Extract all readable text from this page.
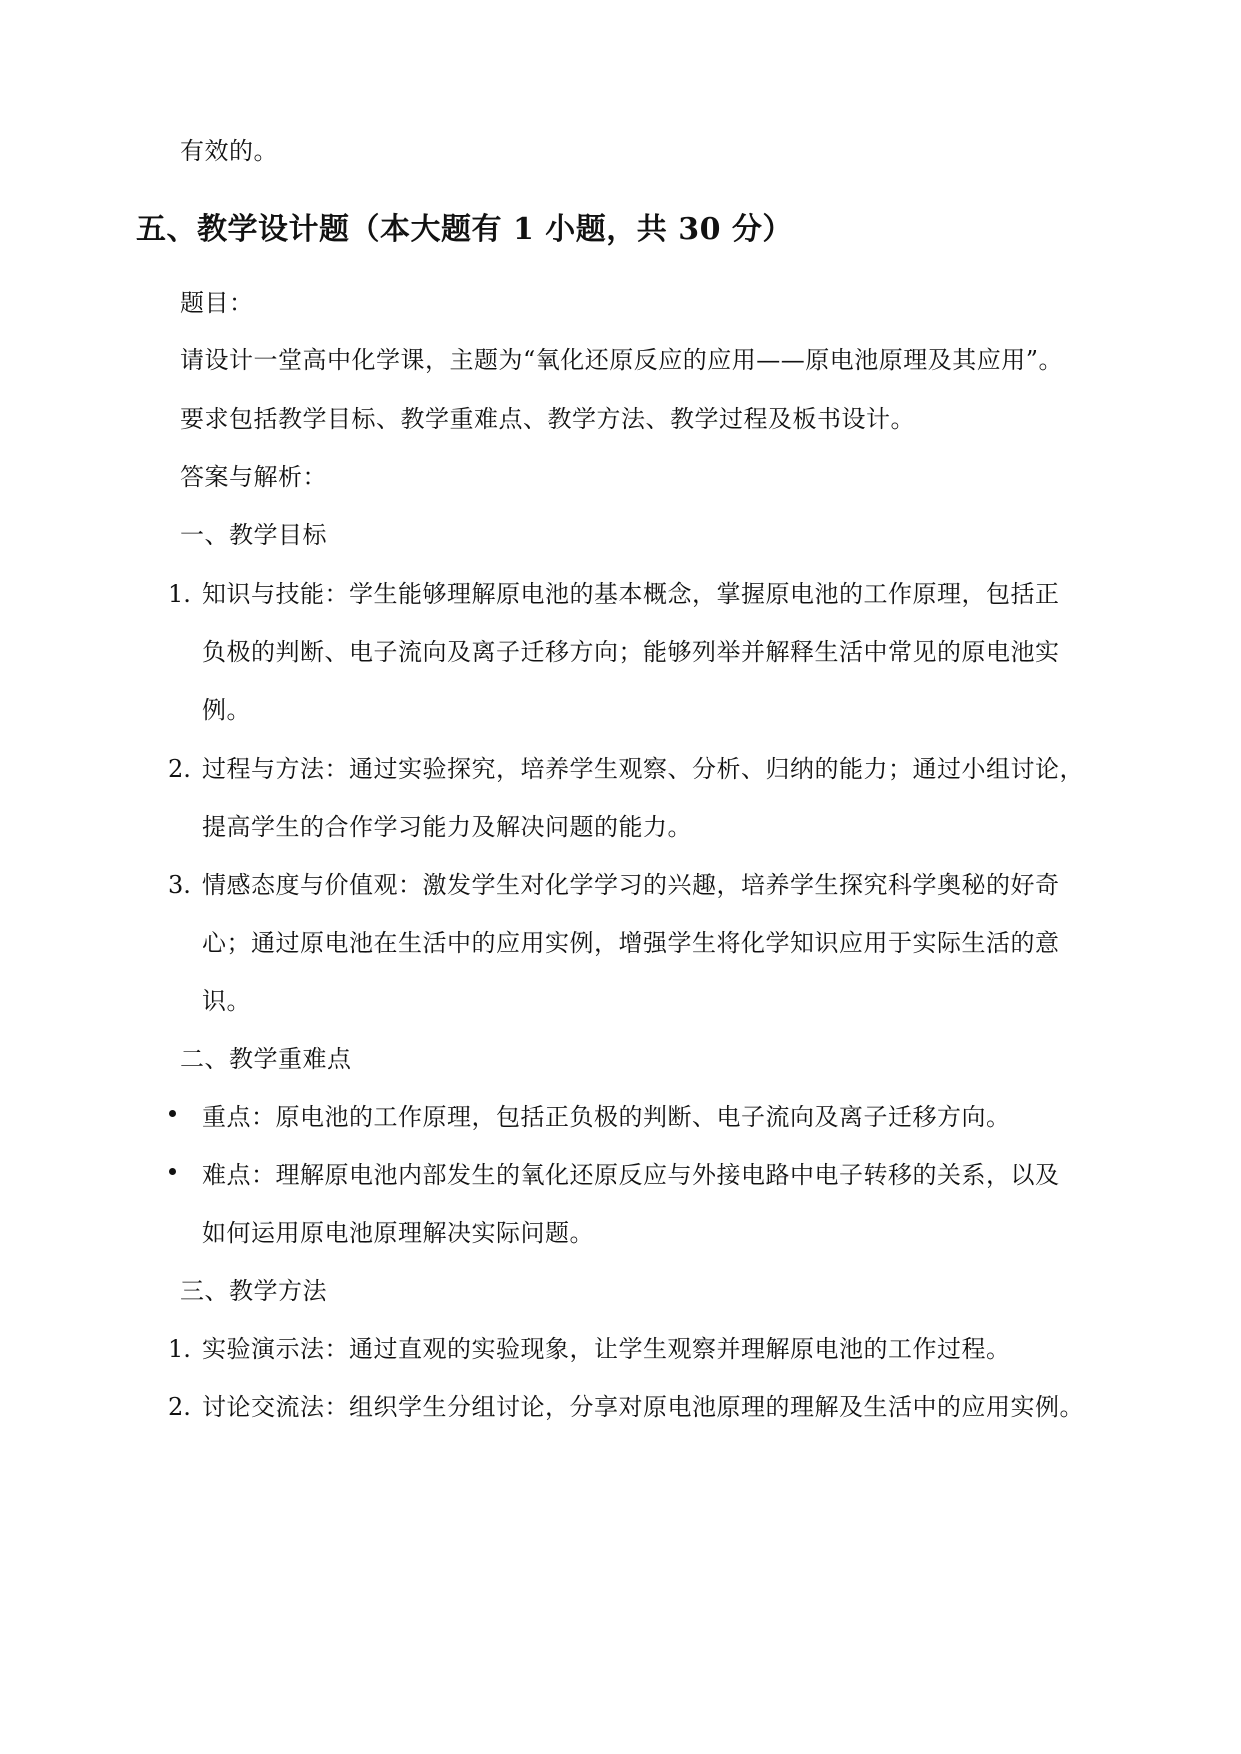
有效的。
五、教学设计题（本大题有 1 小题，共 30 分）
题目：
请设计一堂高中化学课，主题为“氧化还原反应的应用——原电池原理及其应用”。
要求包括教学目标、教学重难点、教学方法、教学过程及板书设计。
答案与解析：
一、教学目标
1. 知识与技能：学生能够理解原电池的基本概念，掌握原电池的工作原理，包括正
负极的判断、电子流向及离子迁移方向；能够列举并解释生活中常见的原电池实
例。
2. 过程与方法：通过实验探究，培养学生观察、分析、归纳的能力；通过小组讨论，
提高学生的合作学习能力及解决问题的能力。
3. 情感态度与价值观：激发学生对化学学习的兴趣，培养学生探究科学奥秘的好奇
心；通过原电池在生活中的应用实例，增强学生将化学知识应用于实际生活的意
识。
二、教学重难点
重点：原电池的工作原理，包括正负极的判断、电子流向及离子迁移方向。
难点：理解原电池内部发生的氧化还原反应与外接电路中电子转移的关系，以及
如何运用原电池原理解决实际问题。
三、教学方法
1. 实验演示法：通过直观的实验现象，让学生观察并理解原电池的工作过程。
2. 讨论交流法：组织学生分组讨论，分享对原电池原理的理解及生活中的应用实例。
